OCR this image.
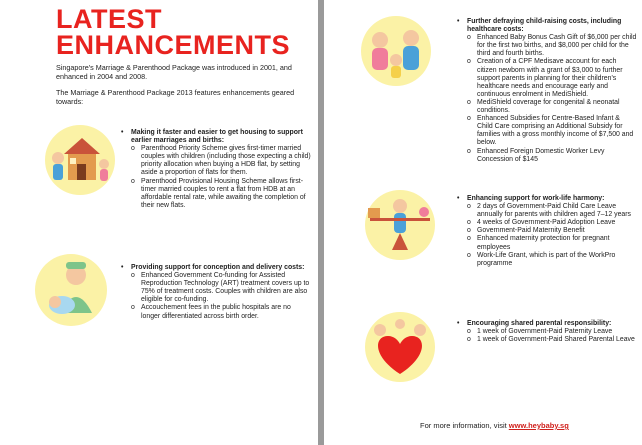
LATEST
ENHANCEMENTS

Singapore's Marriage & Parenthood Package was introduced in 2001, and enhanced in 2004 and 2008.

The Marriage & Parenthood Package 2013 features enhancements geared towards:

•	Making it faster and easier to get housing to support earlier marriages and births:
o Parenthood Priority Scheme gives first-timer married couples with children (including those expecting a child) priority allocation when buying a HDB flat, by setting aside a proportion of flats for them.
o Parenthood Provisional Housing Scheme allows first-timer married couples to rent a flat from HDB at an affordable rental rate, while awaiting the completion of their new flats.
•	Providing support for conception and delivery costs:
o Enhanced Government Co-funding for Assisted Reproduction Technology (ART) treatment covers up to 75% of treatment costs. Couples with children are also eligible for co-funding.
o Accouchement fees in the public hospitals are no longer differentiated across birth order.
•	Further defraying child-raising costs, including healthcare costs:
o Enhanced Baby Bonus Cash Gift of $6,000 per child for the first two births, and $8,000 per child for the third and fourth births.
o Creation of a CPF Medisave account for each citizen newborn with a grant of $3,000 to further support parents in planning for their children's healthcare needs and encourage early and continuous enrolment in MediShield.
o MediShield coverage for congenital & neonatal conditions.
o Enhanced Subsidies for Centre-Based Infant & Child Care comprising an Additional Subsidy for families with a gross monthly income of $7,500 and below.
o Enhanced Foreign Domestic Worker Levy Concession of $145
•	Enhancing support for work-life harmony:
o 2 days of Government-Paid Child Care Leave annually for parents with children aged 7–12 years
o 4 weeks of Government-Paid Adoption Leave
o Government-Paid Maternity Benefit
o Enhanced maternity protection for pregnant employees
o Work-Life Grant, which is part of the WorkPro programme
•	Encouraging shared parental responsibility:
o 1 week of Government-Paid Paternity Leave
o 1 week of Government-Paid Shared Parental Leave
For more information, visit www.heybaby.sg
